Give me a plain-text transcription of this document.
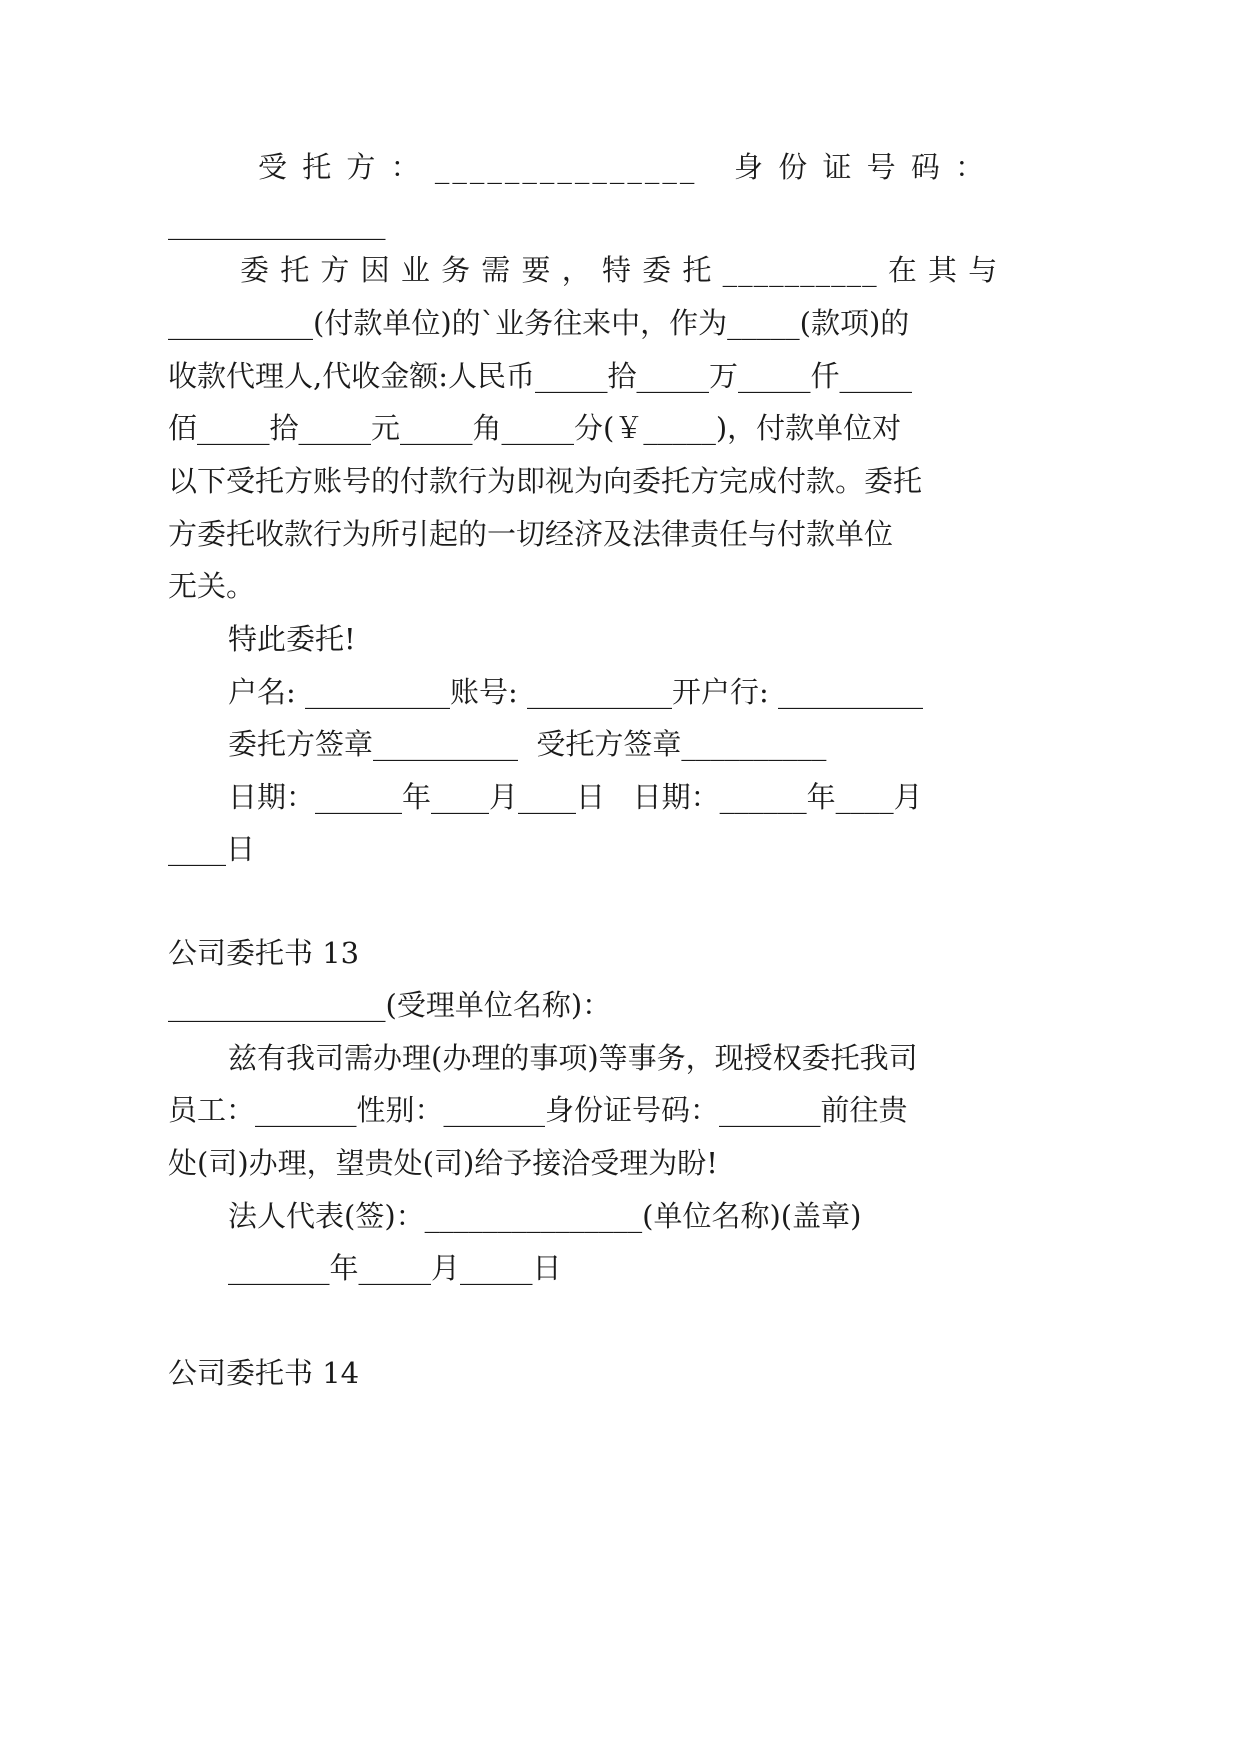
受 托 方 ： _______________   身 份 证 号 码 ：
_______________
委 托 方 因 业 务 需 要 ， 特 委 托 __________ 在 其 与
__________(付款单位)的`业务往来中，作为_____(款项)的
收款代理人,代收金额:人民币_____拾_____万_____仟_____
佰_____拾_____元_____角_____分(￥_____)，付款单位对
以下受托方账号的付款行为即视为向委托方完成付款。委托
方委托收款行为所引起的一切经济及法律责任与付款单位
无关。
特此委托!
户名: __________账号: __________开户行: __________
委托方签章__________  受托方签章__________
日期：______年____月____日   日期：______年____月
____日
公司委托书 13
_______________(受理单位名称)：
兹有我司需办理(办理的事项)等事务，现授权委托我司
员工：_______性别：_______身份证号码：_______前往贵
处(司)办理，望贵处(司)给予接洽受理为盼!
法人代表(签)：_______________(单位名称)(盖章)
_______年_____月_____日
公司委托书 14
